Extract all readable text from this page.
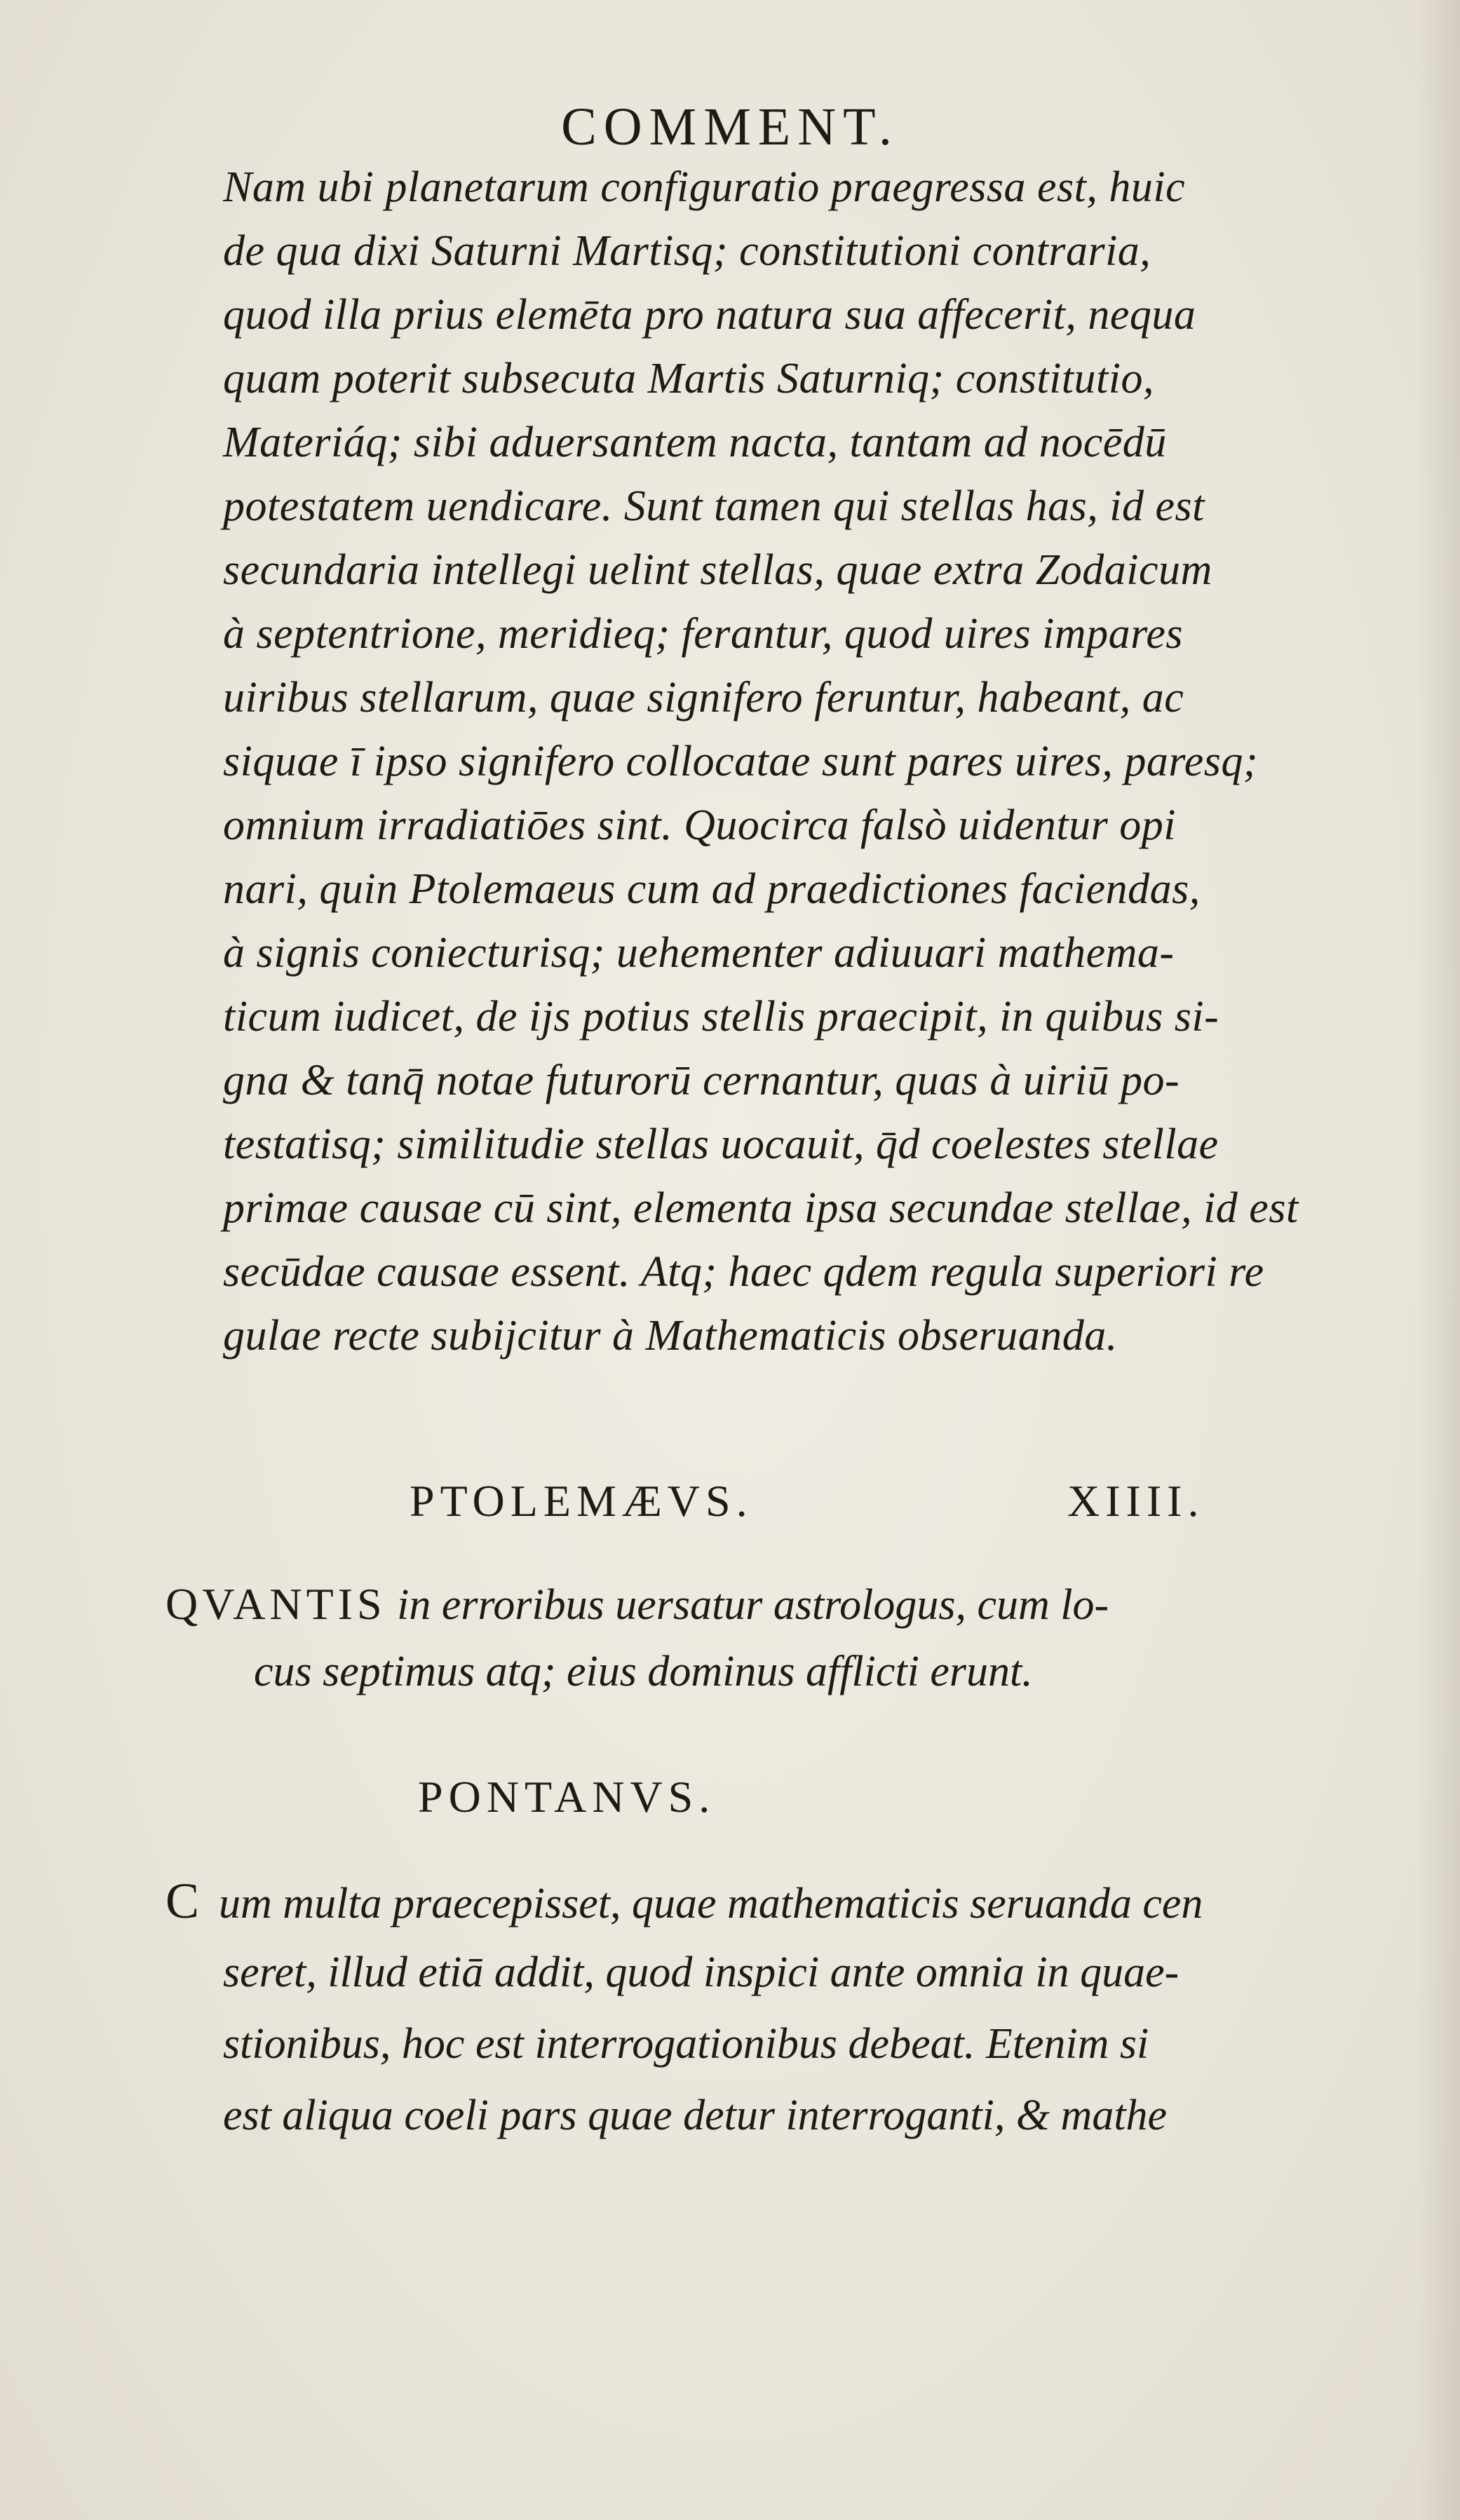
COMMENT.
Nam ubi planetarum configuratio praegressa est, huic
de qua dixi Saturni Martisq; constitutioni contraria,
quod illa prius elemēta pro natura sua affecerit, nequa
quam poterit subsecuta Martis Saturniq; constitutio,
Materiáq; sibi aduersantem nacta, tantam ad nocēdū
potestatem uendicare. Sunt tamen qui stellas has, id est
secundaria intellegi uelint stellas, quae extra Zodaicum
à septentrione, meridieq; ferantur, quod uires impares
uiribus stellarum, quae signifero feruntur, habeant, ac
siquae ī ipso signifero collocatae sunt pares uires, paresq;
omnium irradiatiōes sint. Quocirca falsò uidentur opi
nari, quin Ptolemaeus cum ad praedictiones faciendas,
à signis coniecturisq; uehementer adiuuari mathema-
ticum iudicet, de ijs potius stellis praecipit, in quibus si-
gna & tanq̄ notae futurorū cernantur, quas à uiriū po-
testatisq; similitudie stellas uocauit, q̄d coelestes stellae
primae causae cū sint, elementa ipsa secundae stellae, id est
secūdae causae essent. Atq; haec qdem regula superiori re
gulae recte subijcitur à Mathematicis obseruanda.
PTOLEMÆVS.	XIIII.
QVANTIS in erroribus uersatur astrologus, cum lo-
cus septimus atq; eius dominus afflicti erunt.
PONTANVS.
C um multa praecepisset, quae mathematicis seruanda cen
seret, illud etiā addit, quod inspici ante omnia in quae-
stionibus, hoc est interrogationibus debeat. Etenim si
est aliqua coeli pars quae detur interroganti, & mathe
